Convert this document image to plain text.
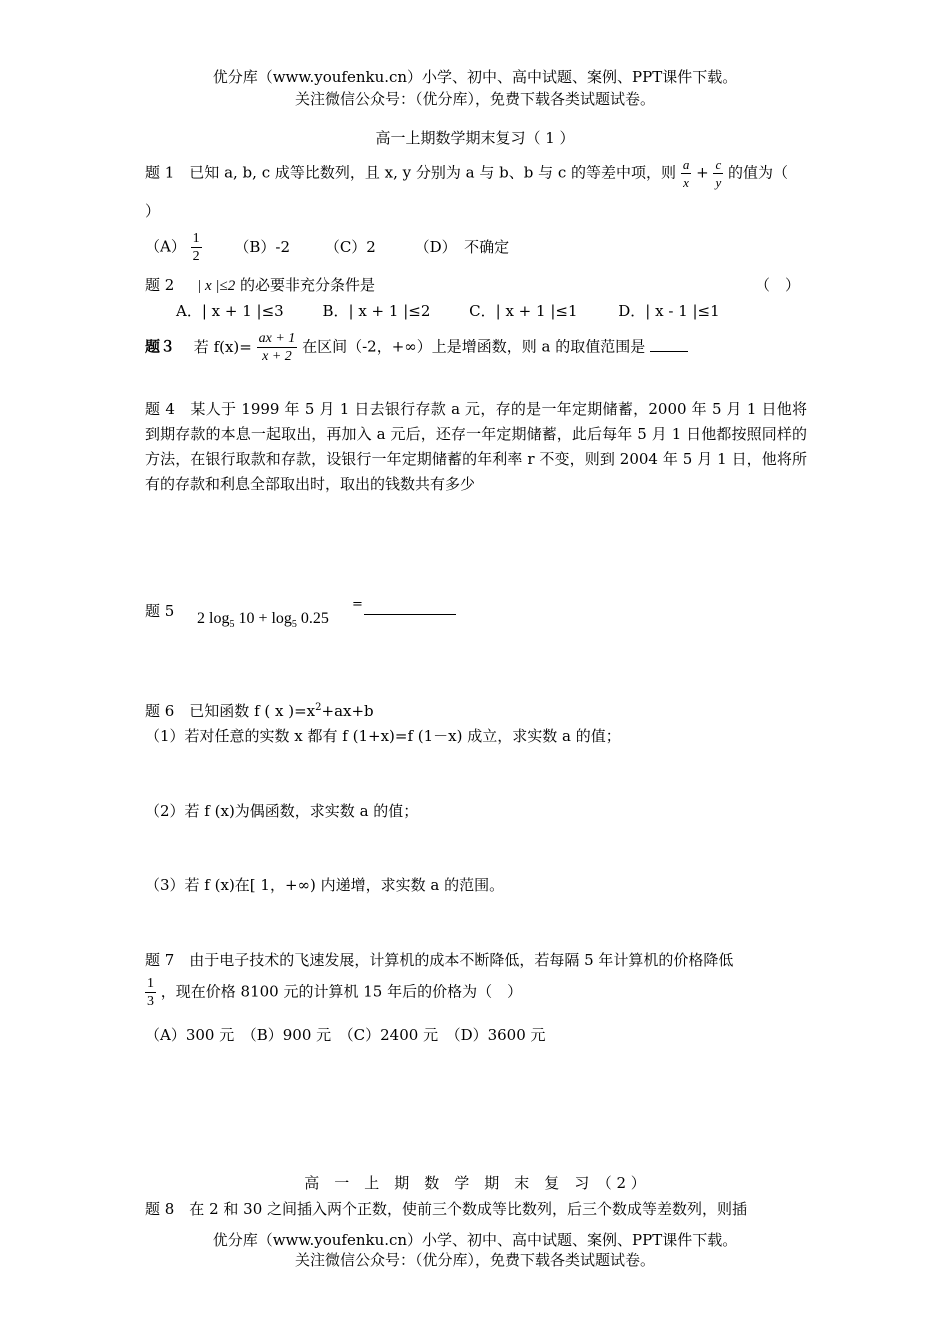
优分库（www.youfenku.cn）小学、初中、高中试题、案例、PPT课件下载。
关注微信公众号：（优分库），免费下载各类试题试卷。
高一上期数学期末复习（ 1 ）
题 1　已知 a, b, c 成等比数列，且 x, y 分别为 a 与 b、b 与 c 的等差中项，则 $\frac{a}{x} + \frac{c}{y}$ 的值为（
）
$(A) \frac{1}{2} (B)-2$ （C）2	（D）　不确定
题 2 | x |≤2 的必要非充分条件是	（　）
A．| x + 1 |≤3	B．| x + 1 |≤2	C．| x + 1 |≤1	D．| x - 1 |≤1
题３ 若 $f(x)= \frac{ax + 1}{x + 2}$ 在区间（-2，+∞）上是增函数，则 a 的取值范围是
题 4　某人于 1999 年 5 月 1 日去银行存款 a 元，存的是一年定期储蓄，2000 年 5 月 1 日他将到期存款的本息一起取出，再加入 a 元后，还存一年定期储蓄，此后每年 5 月 1 日他都按照同样的方法，在银行取款和存款，设银行一年定期储蓄的年利率 r 不变，则到 2004 年 5 月 1 日，他将所有的存款和利息全部取出时，取出的钱数共有多少
题 5 2 $\log_5 10 + \log_5 0.25$
=
题 6　已知函数 f ( x )$=x^2+ax+b$
（1）若对任意的实数 x 都有 f (1+x)=f (1－x) 成立，求实数 a 的值；
（2）若 f (x)为偶函数，求实数 a 的值；
（3）若 f (x)在[ 1，+∞) 内递增，求实数 a 的范围。
题 7　由于电子技术的飞速发展，计算机的成本不断降低，若每隔 5 年计算机的价格降低
$\frac{1}{3}$ ，现在价格 8100 元的计算机 15 年后的价格为（　）
（A）300 元　（B）900 元　（C）2400 元　（D）3600 元
高　一　上　期　数　学　期　末　复　习　（ 2 ）
题 8　在 2 和 30 之间插入两个正数，使前三个数成等比数列，后三个数成等差数列，则插
优分库（www.youfenku.cn）小学、初中、高中试题、案例、PPT课件下载。
关注微信公众号：（优分库），免费下载各类试题试卷。
